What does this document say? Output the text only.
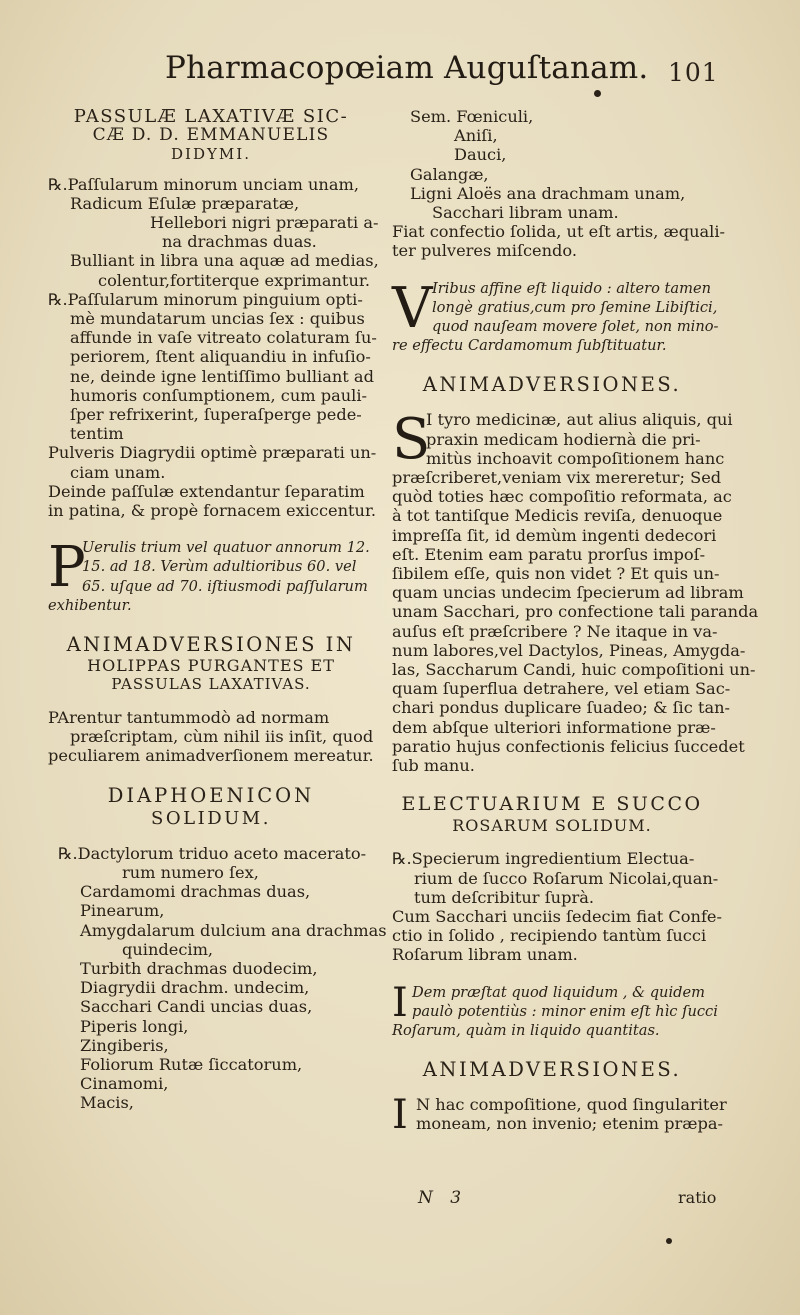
Pharmacopœiam Auguſtanam. 101
PASSULÆ LAXATIVÆ SIC-
CÆ D. D. EMMANUELIS
DIDYMI.
℞.Paſſularum minorum unciam unam,
Radicum Eſulæ præparatæ,
Hellebori nigri præparati a-
na drachmas duas.
Bulliant in libra una aquæ ad medias,
colentur,fortiterque exprimantur.
℞.Paſſularum minorum pinguium opti-
mè mundatarum uncias ſex : quibus
affunde in vaſe vitreato colaturam ſu-
periorem, ſtent aliquandiu in infuſio-
ne, deinde igne lentiſſimo bulliant ad
humoris conſumptionem, cum pauli-
ſper refrixerint, ſuperaſperge pede-
tentim
Pulveris Diagrydii optimè præparati un-
ciam unam.
Deinde paſſulæ extendantur ſeparatim
in patina, & propè fornacem exiccentur.
P
Uerulis trium vel quatuor annorum 12.
15. ad 18. Verùm adultioribus 60. vel
65. uſque ad 70. iſtiusmodi paſſularum
exhibentur.
ANIMADVERSIONES IN
HOLIPPAS PURGANTES ET
PASSULAS LAXATIVAS.
PArentur tantummodò ad normam
præſcriptam, cùm nihil iis inſit, quod
peculiarem animadverſionem mereatur.
DIAPHOENICON
SOLIDUM.
℞.Dactylorum triduo aceto macerato-
rum numero ſex,
Cardamomi drachmas duas,
Pinearum,
Amygdalarum dulcium ana drachmas
quindecim,
Turbith drachmas duodecim,
Diagrydii drachm. undecim,
Sacchari Candi uncias duas,
Piperis longi,
Zingiberis,
Foliorum Rutæ ſiccatorum,
Cinamomi,
Macis,
Sem. Fœniculi,
Aniſi,
Dauci,
Galangæ,
Ligni Aloës ana drachmam unam,
Sacchari libram unam.
Fiat confectio ſolida, ut eſt artis, æquali-
ter pulveres miſcendo.
V Iribus affine eſt liquido : altero tamen
longè gratius,cum pro ſemine Libiſtici,
quod nauſeam movere ſolet, non mino-
re effectu Cardamomum ſubſtituatur.
ANIMADVERSIONES.
S
I tyro medicinæ, aut alius aliquis, qui
praxin medicam hodiernà die pri-
mitùs inchoavit compoſitionem hanc
præſcriberet,veniam vix mereretur; Sed
quòd toties hæc compoſitio reformata, ac
à tot tantiſque Medicis reviſa, denuoque
impreſſa ſit, id demùm ingenti dedecori
eſt. Etenim eam paratu prorſus impoſ-
ſibilem eſſe, quis non videt ? Et quis un-
quam uncias undecim ſpecierum ad libram
unam Sacchari, pro confectione tali paranda
auſus eſt præſcribere ? Ne itaque in va-
num labores,vel Dactylos, Pineas, Amygda-
las, Saccharum Candi, huic compoſitioni un-
quam ſuperflua detrahere, vel etiam Sac-
chari pondus duplicare ſuadeo; & ſic tan-
dem abſque ulteriori informatione præ-
paratio hujus confectionis felicius ſuccedet
ſub manu.
ELECTUARIUM E SUCCO
ROSARUM SOLIDUM.
℞.Specierum ingredientium Electua-
rium de ſucco Roſarum Nicolai,quan-
tum deſcribitur ſuprà.
Cum Sacchari unciis ſedecim fiat Confe-
ctio in ſolido , recipiendo tantùm ſucci
Roſarum libram unam.
I Dem præſtat quod liquidum , & quidem
paulò potentiùs : minor enim eſt hìc ſucci
Roſarum, quàm in liquido quantitas.
ANIMADVERSIONES.
I N hac compoſitione, quod ſingulariter
moneam, non invenio; etenim præpa-
N 3	ratio
